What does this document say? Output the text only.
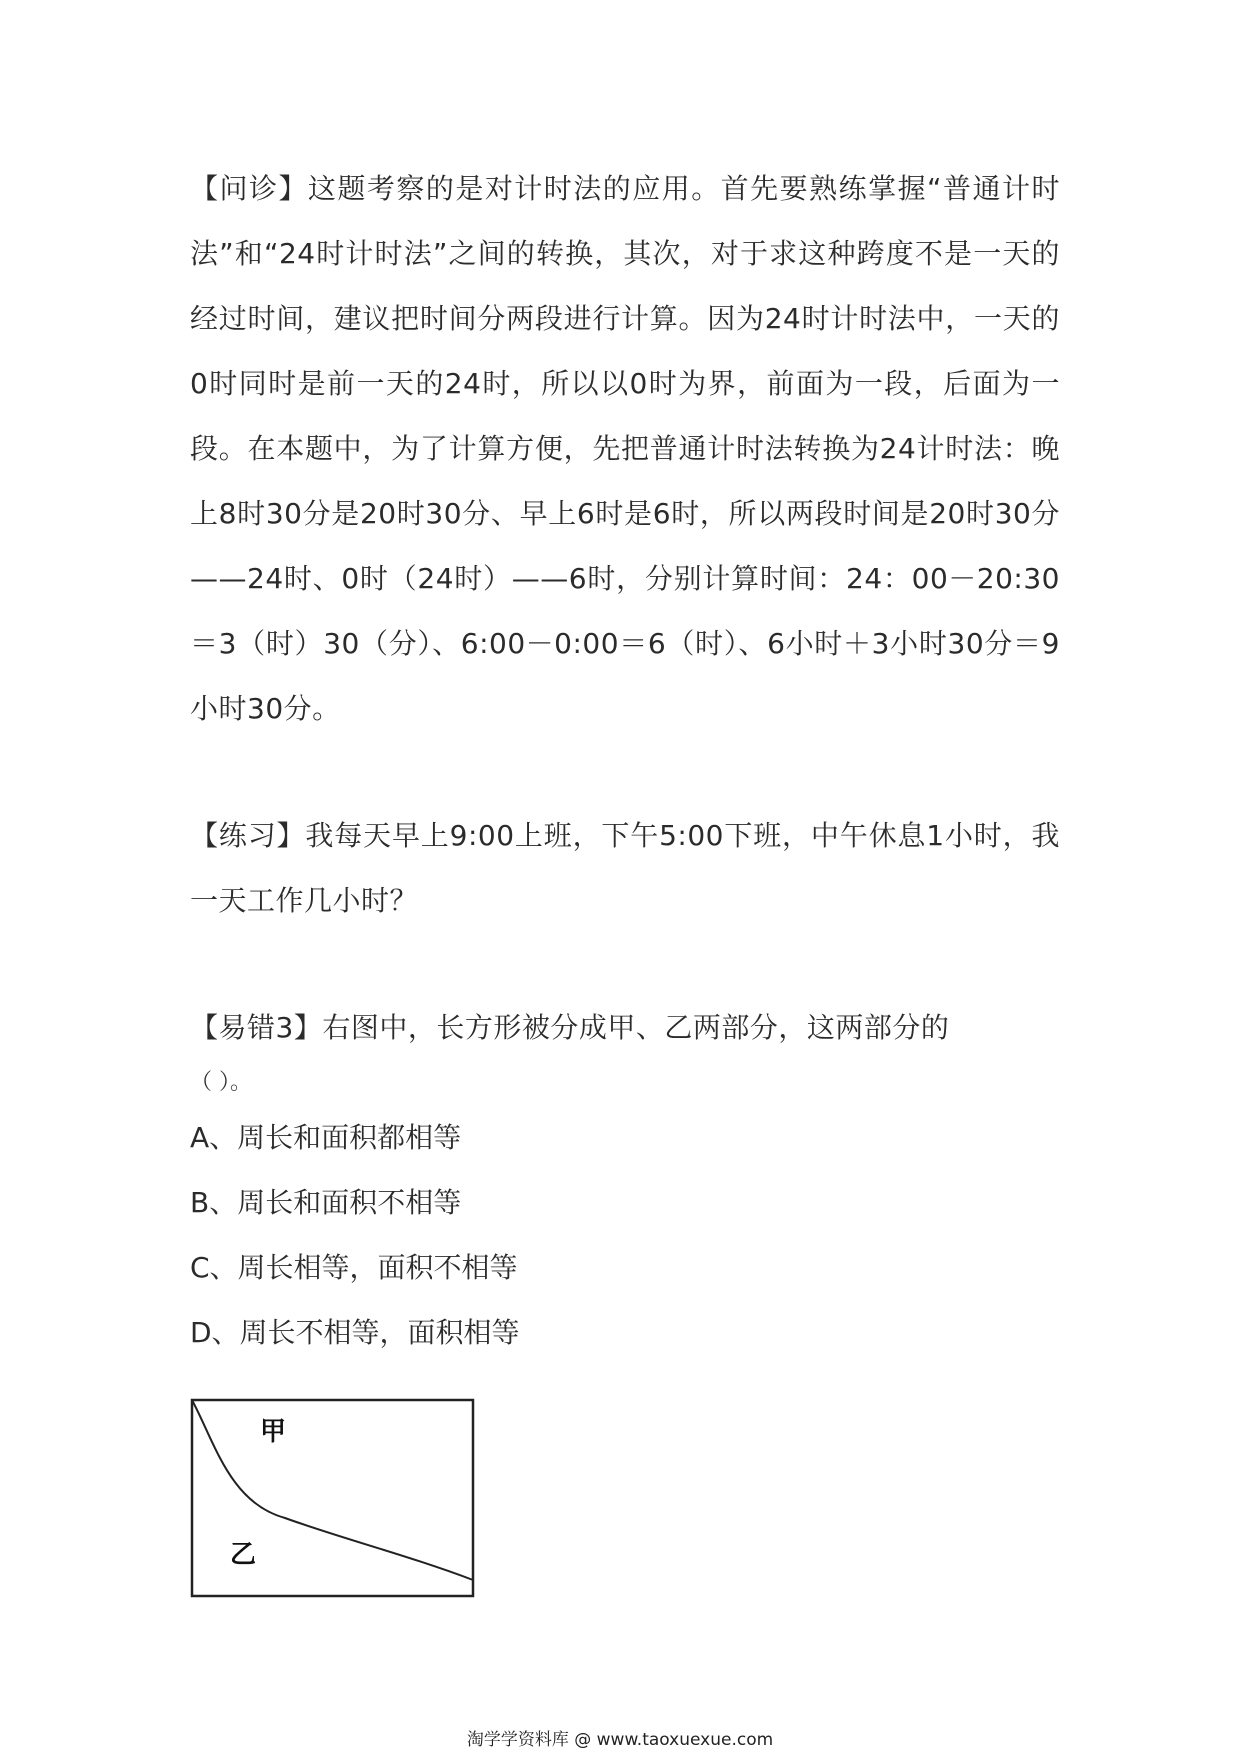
【问诊】这题考察的是对计时法的应用。首先要熟练掌握“普通计时法”和“24时计时法”之间的转换，其次，对于求这种跨度不是一天的经过时间，建议把时间分两段进行计算。因为24时计时法中，一天的0时同时是前一天的24时，所以以0时为界，前面为一段，后面为一段。在本题中，为了计算方便，先把普通计时法转换为24计时法：晚上8时30分是20时30分、早上6时是6时，所以两段时间是20时30分——24时、0时（24时）——6时，分别计算时间：24：00－20:30＝3（时）30（分）、6:00－0:00＝6（时）、6小时＋3小时30分＝9小时30分。

【练习】我每天早上9:00上班，下午5:00下班，中午休息1小时，我一天工作几小时？

【易错3】右图中，长方形被分成甲、乙两部分，这两部分的

（ ）。

A、周长和面积都相等

B、周长和面积不相等

C、周长相等，面积不相等

D、周长不相等，面积相等

甲
乙
淘学学资料库 @ www.taoxuexue.com
